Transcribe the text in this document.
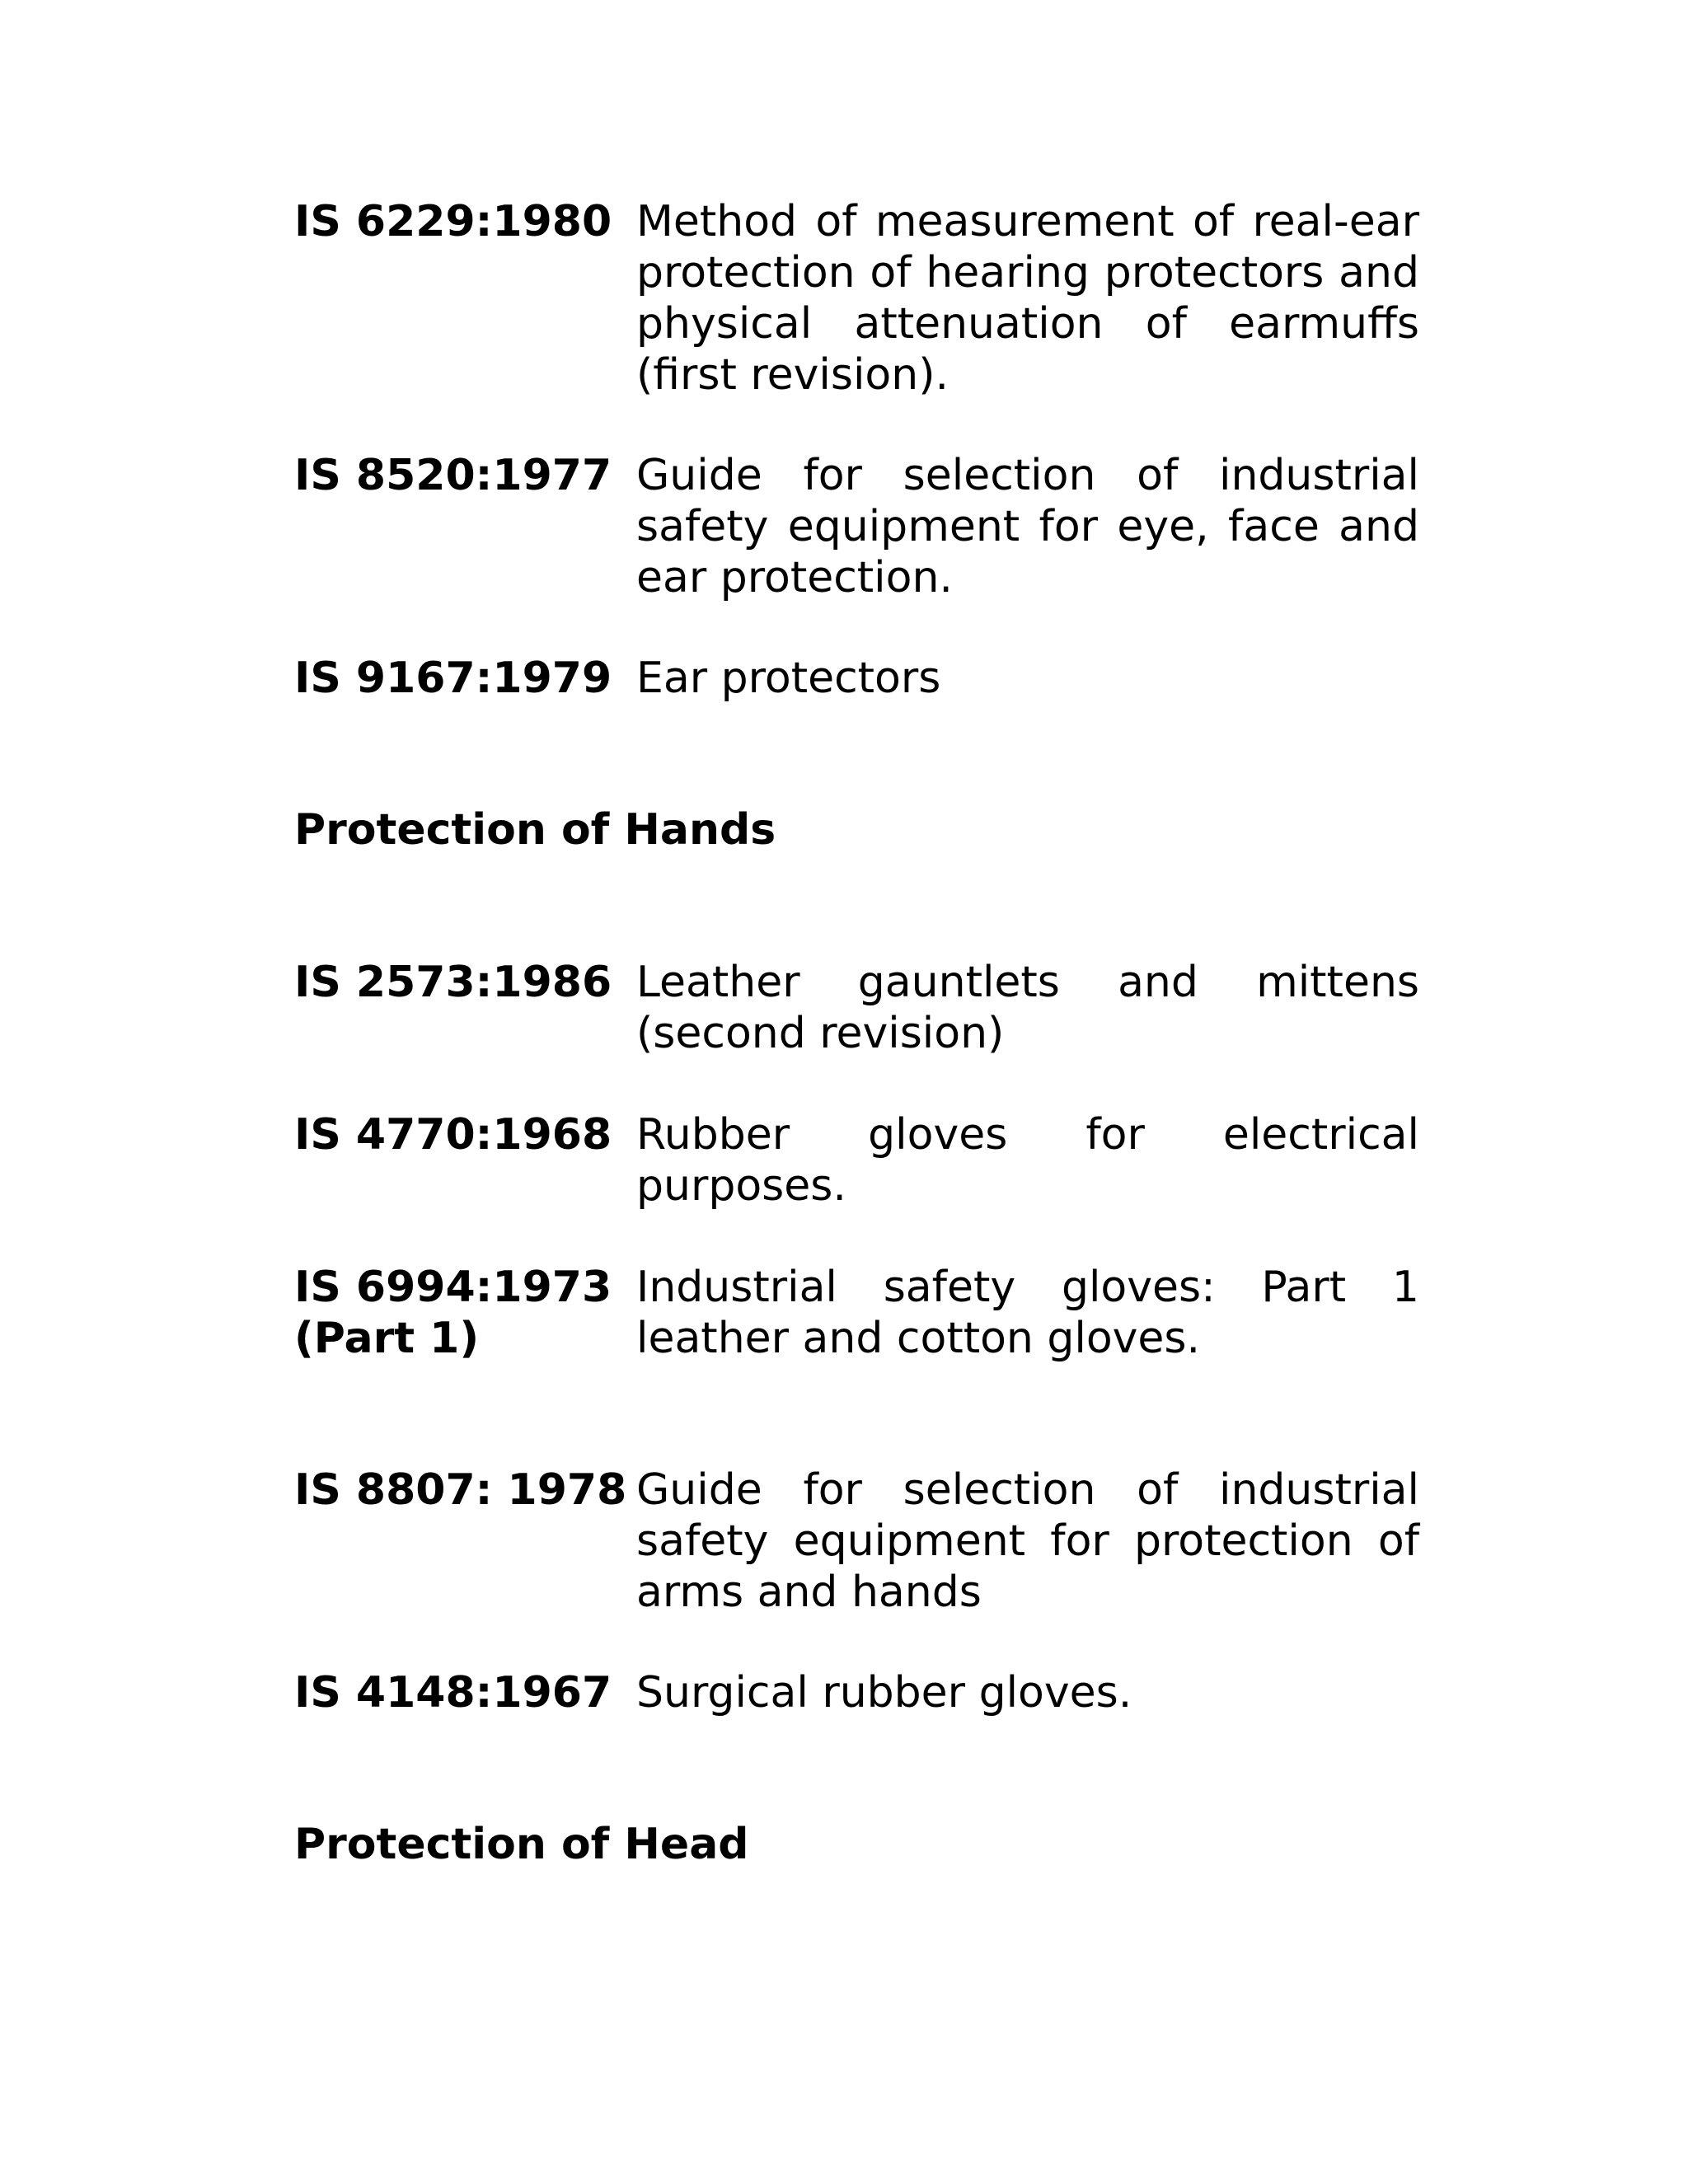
IS 6229:1980 Method of measurement of real-ear protection of hearing protectors and physical attenuation of earmuffs (first revision).
IS 8520:1977 Guide for selection of industrial safety equipment for eye, face and ear protection.
IS 9167:1979 Ear protectors
Protection of Hands
IS 2573:1986 Leather gauntlets and mittens (second revision)
IS 4770:1968 Rubber gloves for electrical purposes.
IS 6994:1973
(Part 1)
Industrial safety gloves: Part 1 leather and cotton gloves.
IS 8807: 1978 Guide for selection of industrial safety equipment for protection of arms and hands
IS 4148:1967 Surgical rubber gloves.
Protection of Head
